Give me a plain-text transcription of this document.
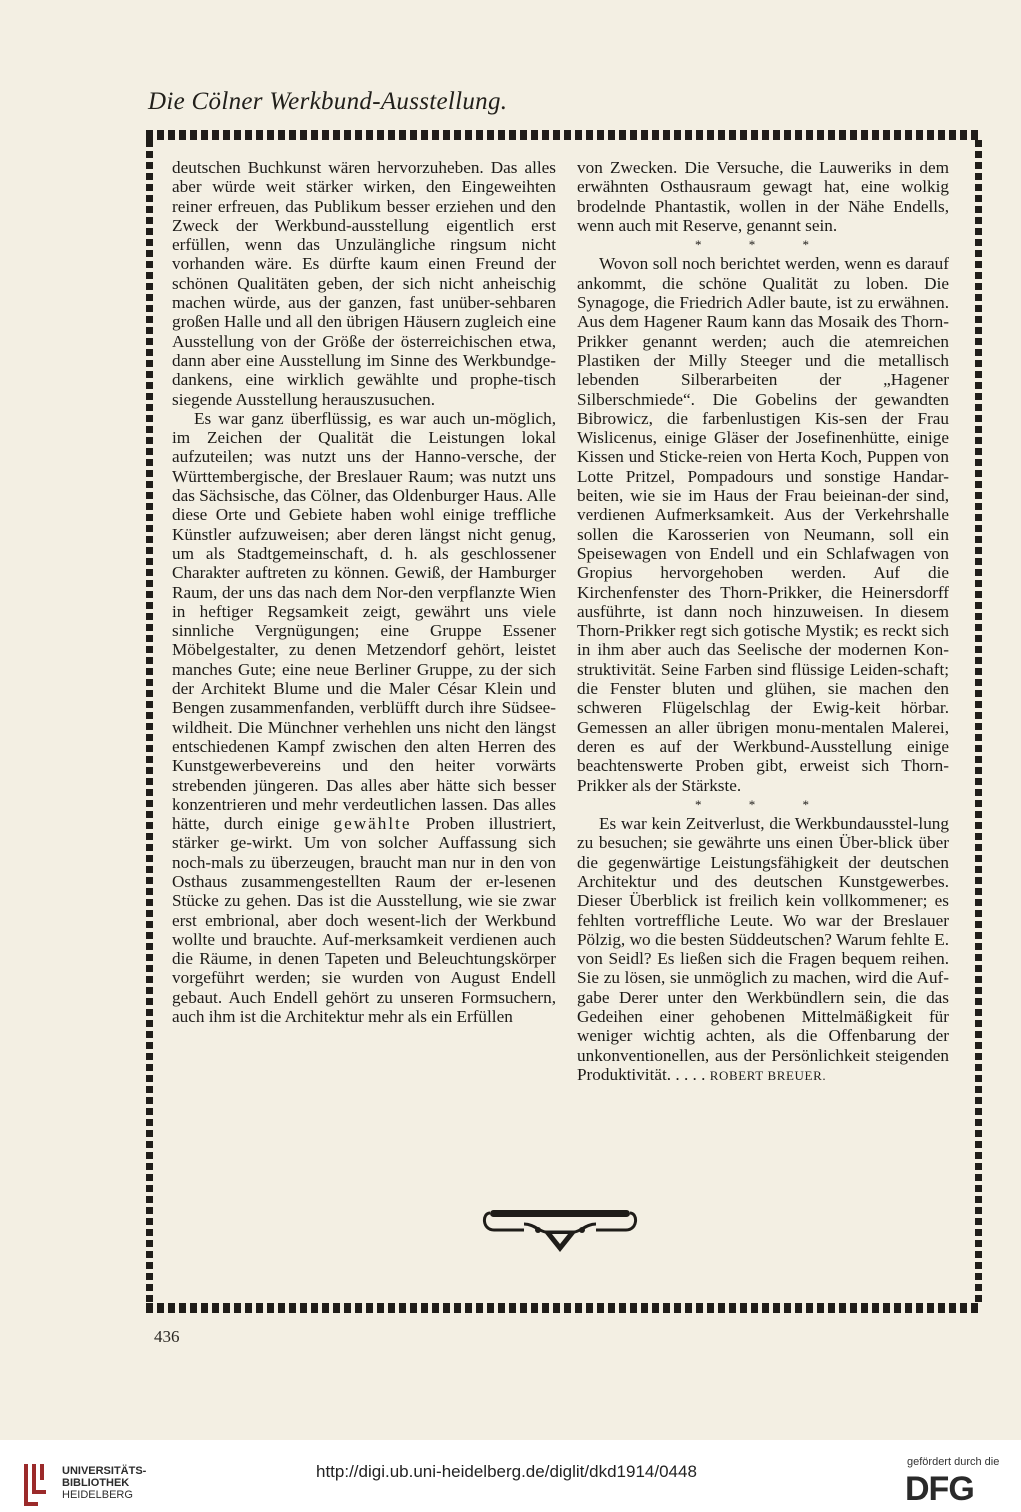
Die Cölner Werkbund-Ausstellung.

deutschen Buchkunst wären hervorzuheben. Das alles aber würde weit stärker wirken, den Eingeweihten reiner erfreuen, das Publikum besser erziehen und den Zweck der Werkbund-ausstellung eigentlich erst erfüllen, wenn das Unzulängliche ringsum nicht vorhanden wäre. Es dürfte kaum einen Freund der schönen Qualitäten geben, der sich nicht anheischig machen würde, aus der ganzen, fast unüber-sehbaren großen Halle und all den übrigen Häusern zugleich eine Ausstellung von der Größe der österreichischen etwa, dann aber eine Ausstellung im Sinne des Werkbundge-dankens, eine wirklich gewählte und prophe-tisch siegende Ausstellung herauszusuchen.

Es war ganz überflüssig, es war auch un-möglich, im Zeichen der Qualität die Leistungen lokal aufzuteilen; was nutzt uns der Hanno-versche, der Württembergische, der Breslauer Raum; was nutzt uns das Sächsische, das Cölner, das Oldenburger Haus. Alle diese Orte und Gebiete haben wohl einige treffliche Künstler aufzuweisen; aber deren längst nicht genug, um als Stadtgemeinschaft, d. h. als geschlossener Charakter auftreten zu können. Gewiß, der Hamburger Raum, der uns das nach dem Nor-den verpflanzte Wien in heftiger Regsamkeit zeigt, gewährt uns viele sinnliche Vergnügungen; eine Gruppe Essener Möbelgestalter, zu denen Metzendorf gehört, leistet manches Gute; eine neue Berliner Gruppe, zu der sich der Architekt Blume und die Maler César Klein und Bengen zusammenfanden, verblüfft durch ihre Südsee-wildheit. Die Münchner verhehlen uns nicht den längst entschiedenen Kampf zwischen den alten Herren des Kunstgewerbevereins und den heiter vorwärts strebenden jüngeren. Das alles aber hätte sich besser konzentrieren und mehr verdeutlichen lassen. Das alles hätte, durch einige gewählte Proben illustriert, stärker ge-wirkt. Um von solcher Auffassung sich noch-mals zu überzeugen, braucht man nur in den von Osthaus zusammengestellten Raum der er-lesenen Stücke zu gehen. Das ist die Ausstellung, wie sie zwar erst embrional, aber doch wesent-lich der Werkbund wollte und brauchte. Auf-merksamkeit verdienen auch die Räume, in denen Tapeten und Beleuchtungskörper vorgeführt werden; sie wurden von August Endell gebaut. Auch Endell gehört zu unseren Formsuchern, auch ihm ist die Architektur mehr als ein Erfüllen

von Zwecken. Die Versuche, die Lauweriks in dem erwähnten Osthausraum gewagt hat, eine wolkig brodelnde Phantastik, wollen in der Nähe Endells, wenn auch mit Reserve, genannt sein.

* * *

Wovon soll noch berichtet werden, wenn es darauf ankommt, die schöne Qualität zu loben. Die Synagoge, die Friedrich Adler baute, ist zu erwähnen. Aus dem Hagener Raum kann das Mosaik des Thorn-Prikker genannt werden; auch die atemreichen Plastiken der Milly Steeger und die metallisch lebenden Silberarbeiten der „Hagener Silberschmiede“. Die Gobelins der gewandten Bibrowicz, die farbenlustigen Kis-sen der Frau Wislicenus, einige Gläser der Josefinenhütte, einige Kissen und Sticke-reien von Herta Koch, Puppen von Lotte Pritzel, Pompadours und sonstige Handar-beiten, wie sie im Haus der Frau beieinan-der sind, verdienen Aufmerksamkeit. Aus der Verkehrshalle sollen die Karosserien von Neumann, soll ein Speisewagen von Endell und ein Schlafwagen von Gropius hervorgehoben werden. Auf die Kirchenfenster des Thorn-Prikker, die Heinersdorff ausführte, ist dann noch hinzuweisen. In diesem Thorn-Prikker regt sich gotische Mystik; es reckt sich in ihm aber auch das Seelische der modernen Kon-struktivität. Seine Farben sind flüssige Leiden-schaft; die Fenster bluten und glühen, sie machen den schweren Flügelschlag der Ewig-keit hörbar. Gemessen an aller übrigen monu-mentalen Malerei, deren es auf der Werkbund-Ausstellung einige beachtenswerte Proben gibt, erweist sich Thorn-Prikker als der Stärkste.

* * *

Es war kein Zeitverlust, die Werkbundausstel-lung zu besuchen; sie gewährte uns einen Über-blick über die gegenwärtige Leistungsfähigkeit der deutschen Architektur und des deutschen Kunstgewerbes. Dieser Überblick ist freilich kein vollkommener; es fehlten vortreffliche Leute. Wo war der Breslauer Pölzig, wo die besten Süddeutschen? Warum fehlte E. von Seidl? Es ließen sich die Fragen bequem reihen. Sie zu lösen, sie unmöglich zu machen, wird die Auf-gabe Derer unter den Werkbündlern sein, die das Gedeihen einer gehobenen Mittelmäßigkeit für weniger wichtig achten, als die Offenbarung der unkonventionellen, aus der Persönlichkeit steigenden Produktivität. . . . . ROBERT BREUER.

436
UNIVERSITÄTS-
BIBLIOTHEK
HEIDELBERG
http://digi.ub.uni-heidelberg.de/diglit/dkd1914/0448	gefördert durch die
DFG
